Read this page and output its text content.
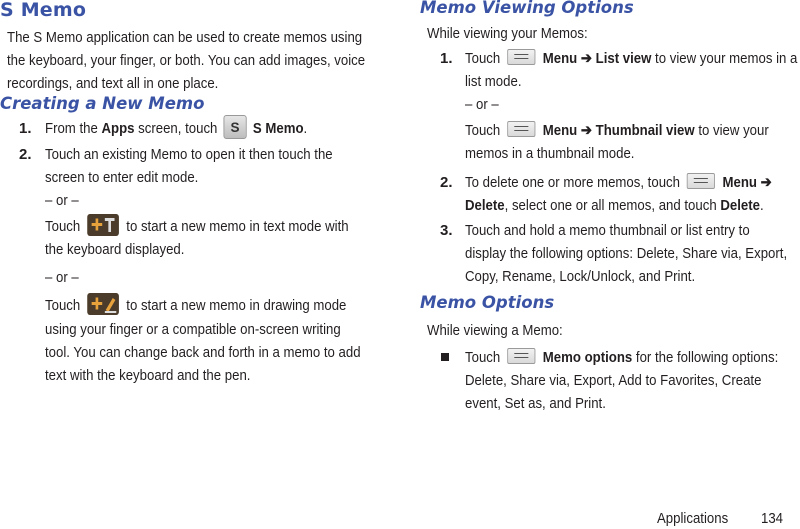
S Memo
The S Memo application can be used to create memos using
the keyboard, your finger, or both. You can add images, voice
recordings, and text all in one place.
Creating a New Memo
1. From the Apps screen, touch S S Memo.
2. Touch an existing Memo to open it then touch the
screen to enter edit mode.
– or –
Touch	to start a new memo in text mode with
the keyboard displayed.
– or –
Touch	to start a new memo in drawing mode
using your finger or a compatible on-screen writing
tool. You can change back and forth in a memo to add
text with the keyboard and the pen.
Memo Viewing Options
While viewing your Memos:
1. Touch	Menu ➔ List view to view your memos in a
list mode.
– or –
Touch	Menu ➔ Thumbnail view to view your
memos in a thumbnail mode.
2. To delete one or more memos, touch	Menu ➔
Delete, select one or all memos, and touch Delete.
3. Touch and hold a memo thumbnail or list entry to
display the following options: Delete, Share via, Export,
Copy, Rename, Lock/Unlock, and Print.
Memo Options
While viewing a Memo:
Touch	Memo options for the following options:
Delete, Share via, Export, Add to Favorites, Create
event, Set as, and Print.
Applications 134
